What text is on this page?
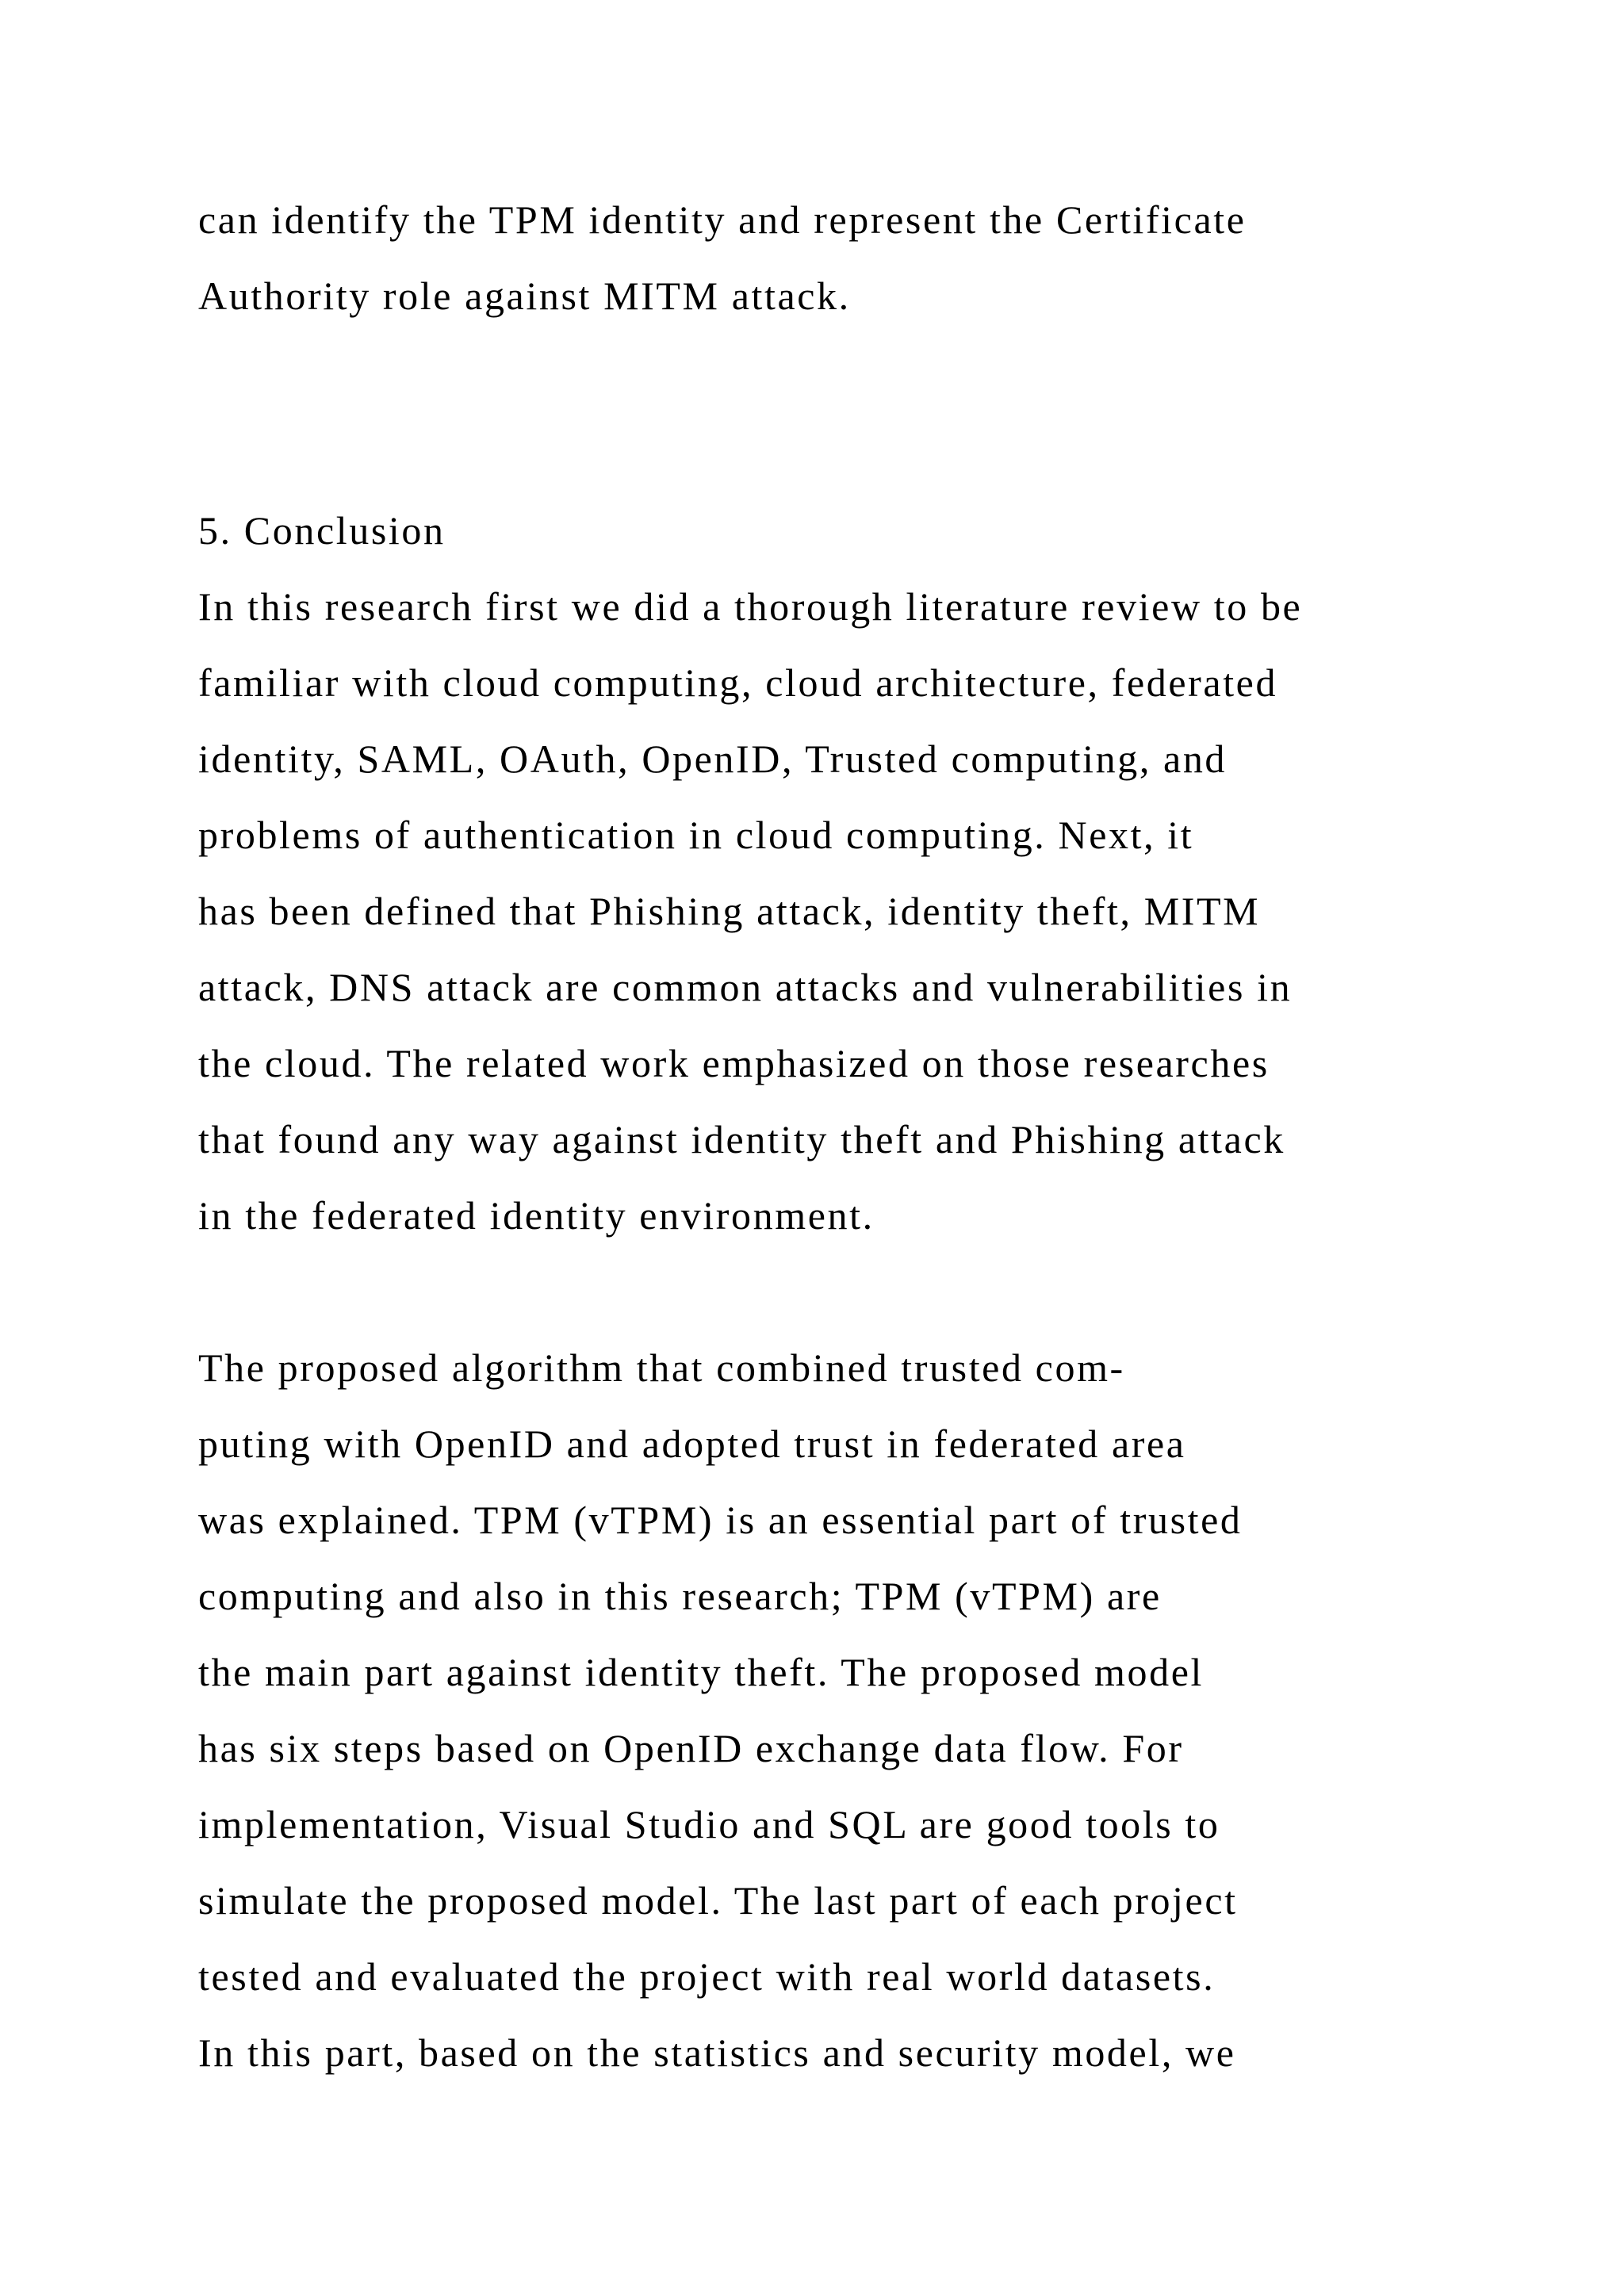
can identify the TPM identity and represent the Certificate

Authority role against MITM attack.

5. Conclusion

In this research first we did a thorough literature review to be

familiar with cloud computing, cloud architecture, federated

identity, SAML, OAuth, OpenID, Trusted computing, and

problems of authentication in cloud computing. Next, it

has been defined that Phishing attack, identity theft, MITM

attack, DNS attack are common attacks and vulnerabilities in

the cloud. The related work emphasized on those researches

that found any way against identity theft and Phishing attack

in the federated identity environment.

The proposed algorithm that combined trusted com-

puting with OpenID and adopted trust in federated area

was explained. TPM (vTPM) is an essential part of trusted

computing and also in this research; TPM (vTPM) are

the main part against identity theft. The proposed model

has six steps based on OpenID exchange data flow. For

implementation, Visual Studio and SQL are good tools to

simulate the proposed model. The last part of each project

tested and evaluated the project with real world datasets.

In this part, based on the statistics and security model, we
